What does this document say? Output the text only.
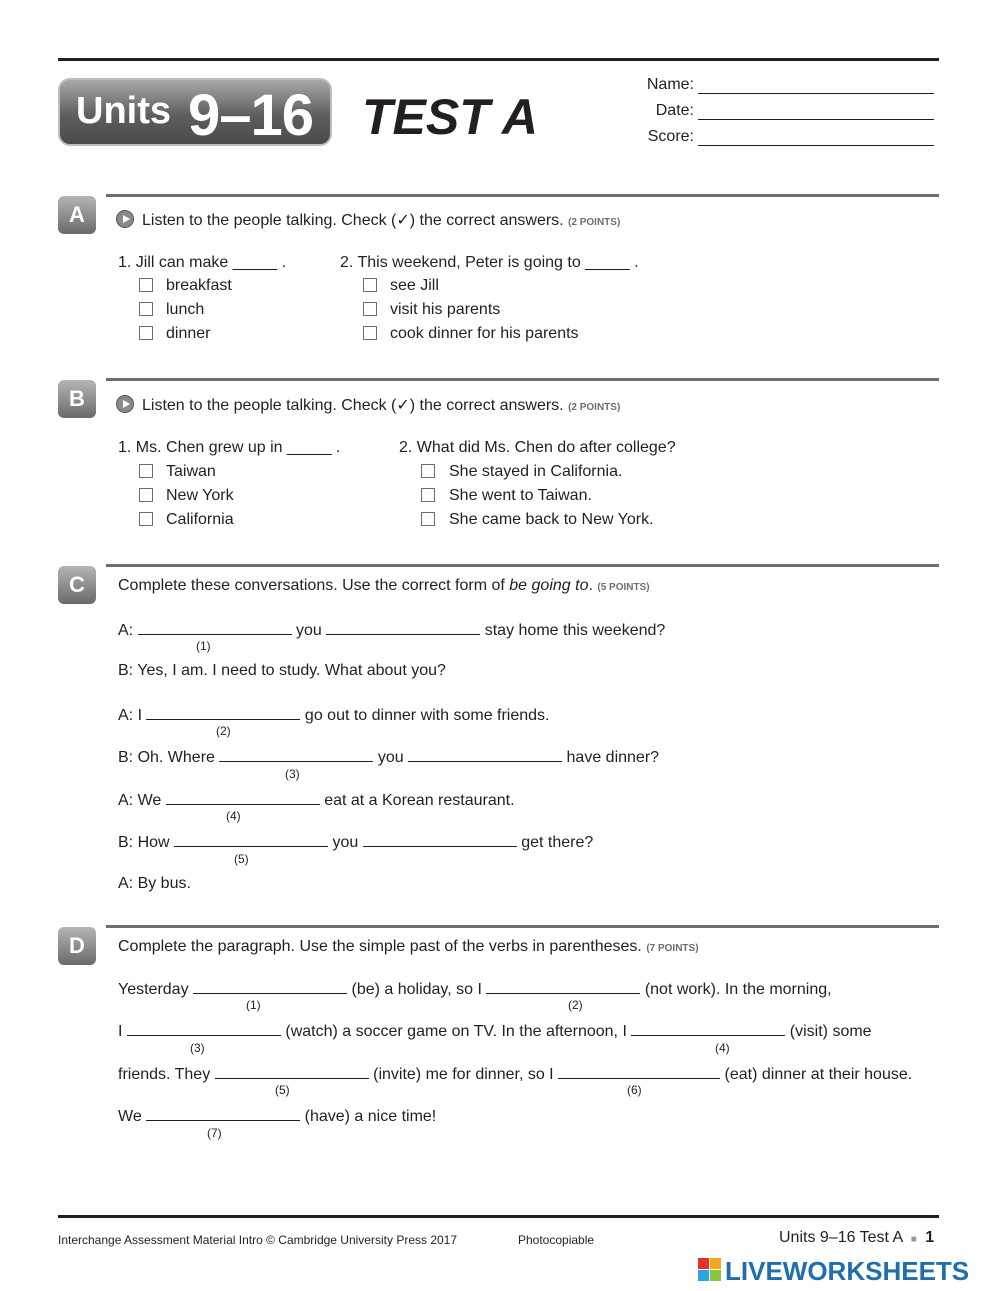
Units 9–16 TEST A
Name:
Date:
Score:
A	Listen to the people talking. Check (✓) the correct answers. (2 POINTS)
1. Jill can make _____ .
breakfast
lunch
dinner
2. This weekend, Peter is going to _____ .
see Jill
visit his parents
cook dinner for his parents
B	Listen to the people talking. Check (✓) the correct answers. (2 POINTS)
1. Ms. Chen grew up in _____ .
Taiwan
New York
California
2. What did Ms. Chen do after college?
She stayed in California.
She went to Taiwan.
She came back to New York.
C	Complete these conversations. Use the correct form of be going to. (5 POINTS)
A:	you	stay home this weekend?
(1)
B: Yes, I am. I need to study. What about you?
A: I	go out to dinner with some friends.
(2)
B: Oh. Where	you	have dinner?
(3)
A: We	eat at a Korean restaurant.
(4)
B: How	you	get there?
(5)
A: By bus.
D	Complete the paragraph. Use the simple past of the verbs in parentheses. (7 POINTS)
Yesterday	(be) a holiday, so I	(not work). In the morning,
(1)	(2)
I	(watch) a soccer game on TV. In the afternoon, I	(visit) some
(3)	(4)
friends. They	(invite) me for dinner, so I	(eat) dinner at their house.
(5)	(6)
We	(have) a nice time!
(7)
Interchange Assessment Material Intro © Cambridge University Press 2017	Photocopiable	Units 9–16 Test A ■ 1
LIVEWORKSHEETS
